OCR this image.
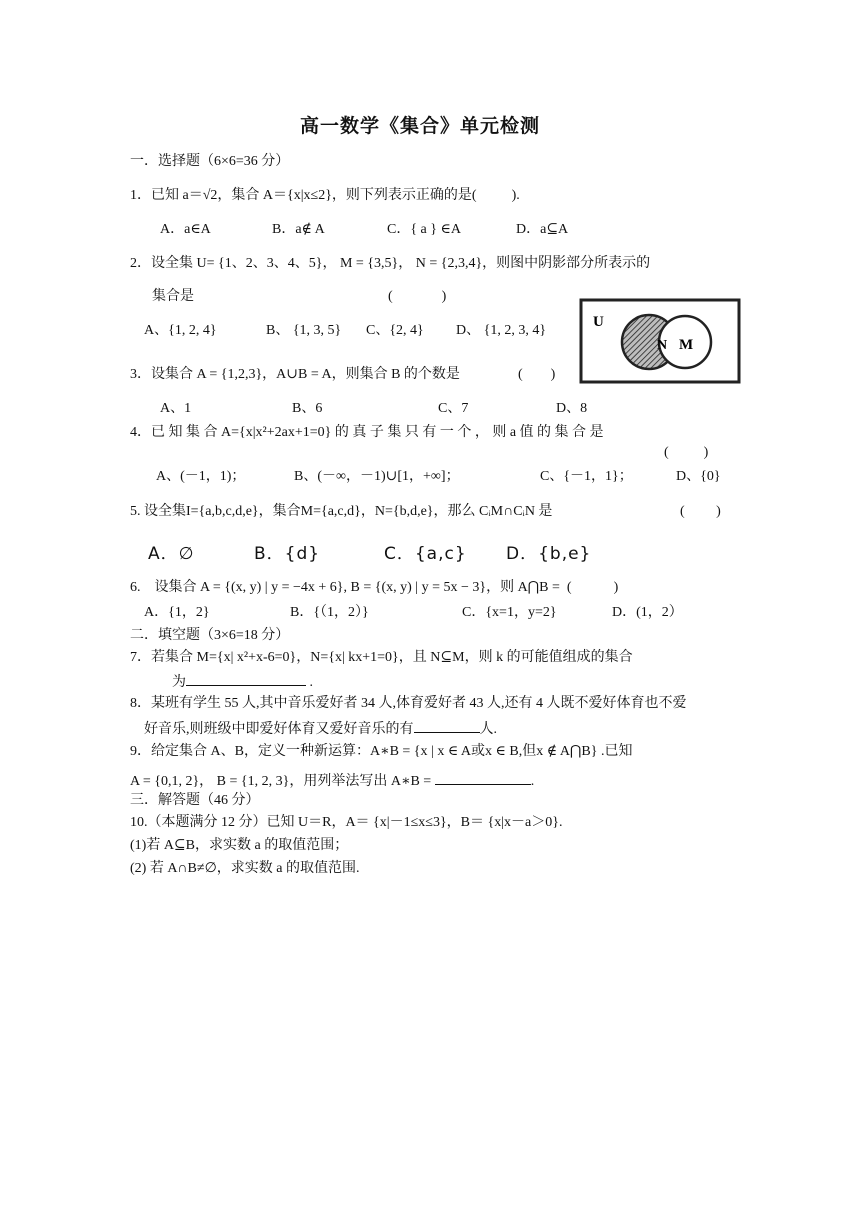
高一数学《集合》单元检测
一．选择题（6×6=36 分）
1．已知 a＝√2，集合 A＝{x|x≤2}，则下列表示正确的是(          ).
A．a∈A	B．a∉ A	C．{ a } ∈A	D．a⊆A
2．设全集 U= {1、2、3、4、5}， M = {3,5}， N = {2,3,4}，则图中阴影部分所表示的
集合是	(              )
A、{1, 2, 4}	B、 {1, 3, 5} C、{2, 4} D、 {1, 2, 3, 4}
U
N M
3．设集合 A = {1,2,3}，A∪B = A，则集合 B 的个数是	(        )
A、1	B、6	C、7	D、8
4．已 知 集 合 A={x|x²+2ax+1=0} 的 真 子 集 只 有 一 个 ， 则 a 值 的 集 合 是
(          )
A、(－1，1)；	B、(－∞，－1)∪[1，+∞]；	C、{－1，1}；	D、{0}
5. 设全集I={a,b,c,d,e}，集合M={a,c,d}，N={b,d,e}，那么 CᵢM∩CᵢN 是	(         )
A．∅	B．{d}	C．{a,c} D．{b,e}
6.    设集合 A = {(x, y) | y = −4x + 6}, B = {(x, y) | y = 5x − 3}，则 A⋂B =  (            )
A．{1，2}	B．{（1，2）}	C．{x=1，y=2}	D．(1，2）
二．填空题（3×6=18 分）
7．若集合 M={x| x²+x-6=0}，N={x| kx+1=0}，且 N⊆M，则 k 的可能值组成的集合
为	.
8．某班有学生 55 人,其中音乐爱好者 34 人,体育爱好者 43 人,还有 4 人既不爱好体育也不爱
好音乐,则班级中即爱好体育又爱好音乐的有	人.
9．给定集合 A、B，定义一种新运算：A∗B = {x | x ∈ A或x ∈ B,但x ∉ A⋂B} .已知
A = {0,1, 2}， B = {1, 2, 3}，用列举法写出 A∗B =	.
三．解答题（46 分）
10.（本题满分 12 分）已知 U＝R，A＝ {x|－1≤x≤3}，B＝ {x|x－a＞0}.
(1)若 A⊆B，求实数 a 的取值范围；
(2) 若 A∩B≠∅，求实数 a 的取值范围.
